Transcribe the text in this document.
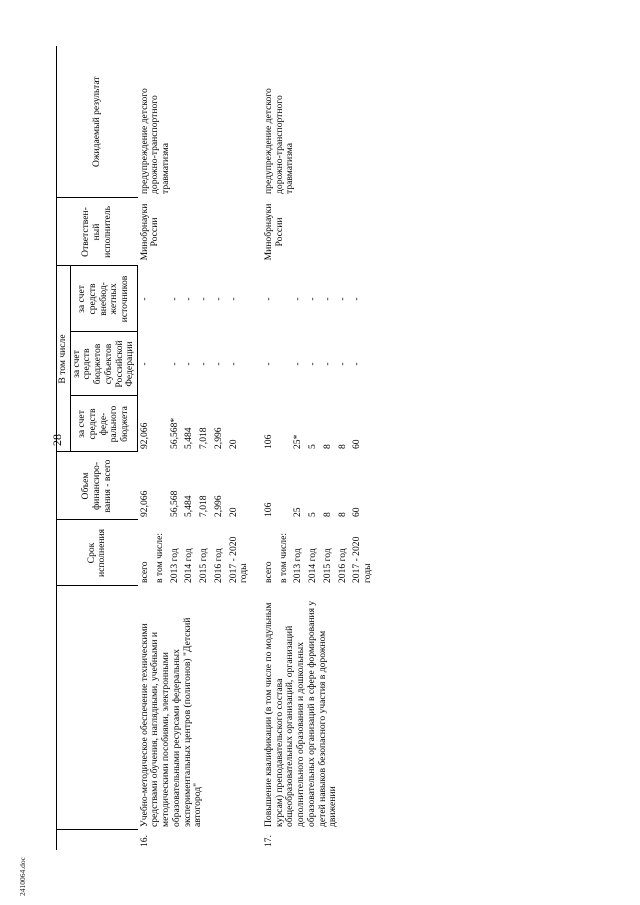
28
2410064.doc
		Срок исполнения	Объем финансиро-вания - всего	В том числе			Ответствен-ный исполнитель	Ожидаемый результат
				за счет средств феде-рального бюджета	за счет средств бюджетов субъектов Российской Федерации	за счет средств внебюд-жетных источников		
16.	Учебно-методическое обеспечение техническими средствами обучения, наглядными, учебными и методическими пособиями, электронными образовательными ресурсами федеральных экспериментальных центров (полигонов) "Детский автогород"	всего	92,066	92,066	-	-	Минобрнауки России	предупреждение детского дорожно-транспортного травматизма
		в том числе:						
		2013 год	56,568	56,568*	-	-		
		2014 год	5,484	5,484	-	-		
		2015 год	7,018	7,018	-	-		
		2016 год	2,996	2,996	-	-		
		2017 - 2020 годы	20	20	-	-		

17.	Повышение квалификации (в том числе по модульным курсам) преподавательского состава общеобразовательных организаций, организаций дополнительного образования и дошкольных образовательных организаций в сфере формирования у детей навыков безопасного участия в дорожном движении	всего	106	106	-	-	Минобрнауки России	предупреждение детского дорожно-транспортного травматизма
		в том числе:						
		2013 год	25	25*	-	-		
		2014 год	5	5	-	-		
		2015 год	8	8	-	-		
		2016 год	8	8	-	-		
		2017 - 2020 годы	60	60	-	-		
